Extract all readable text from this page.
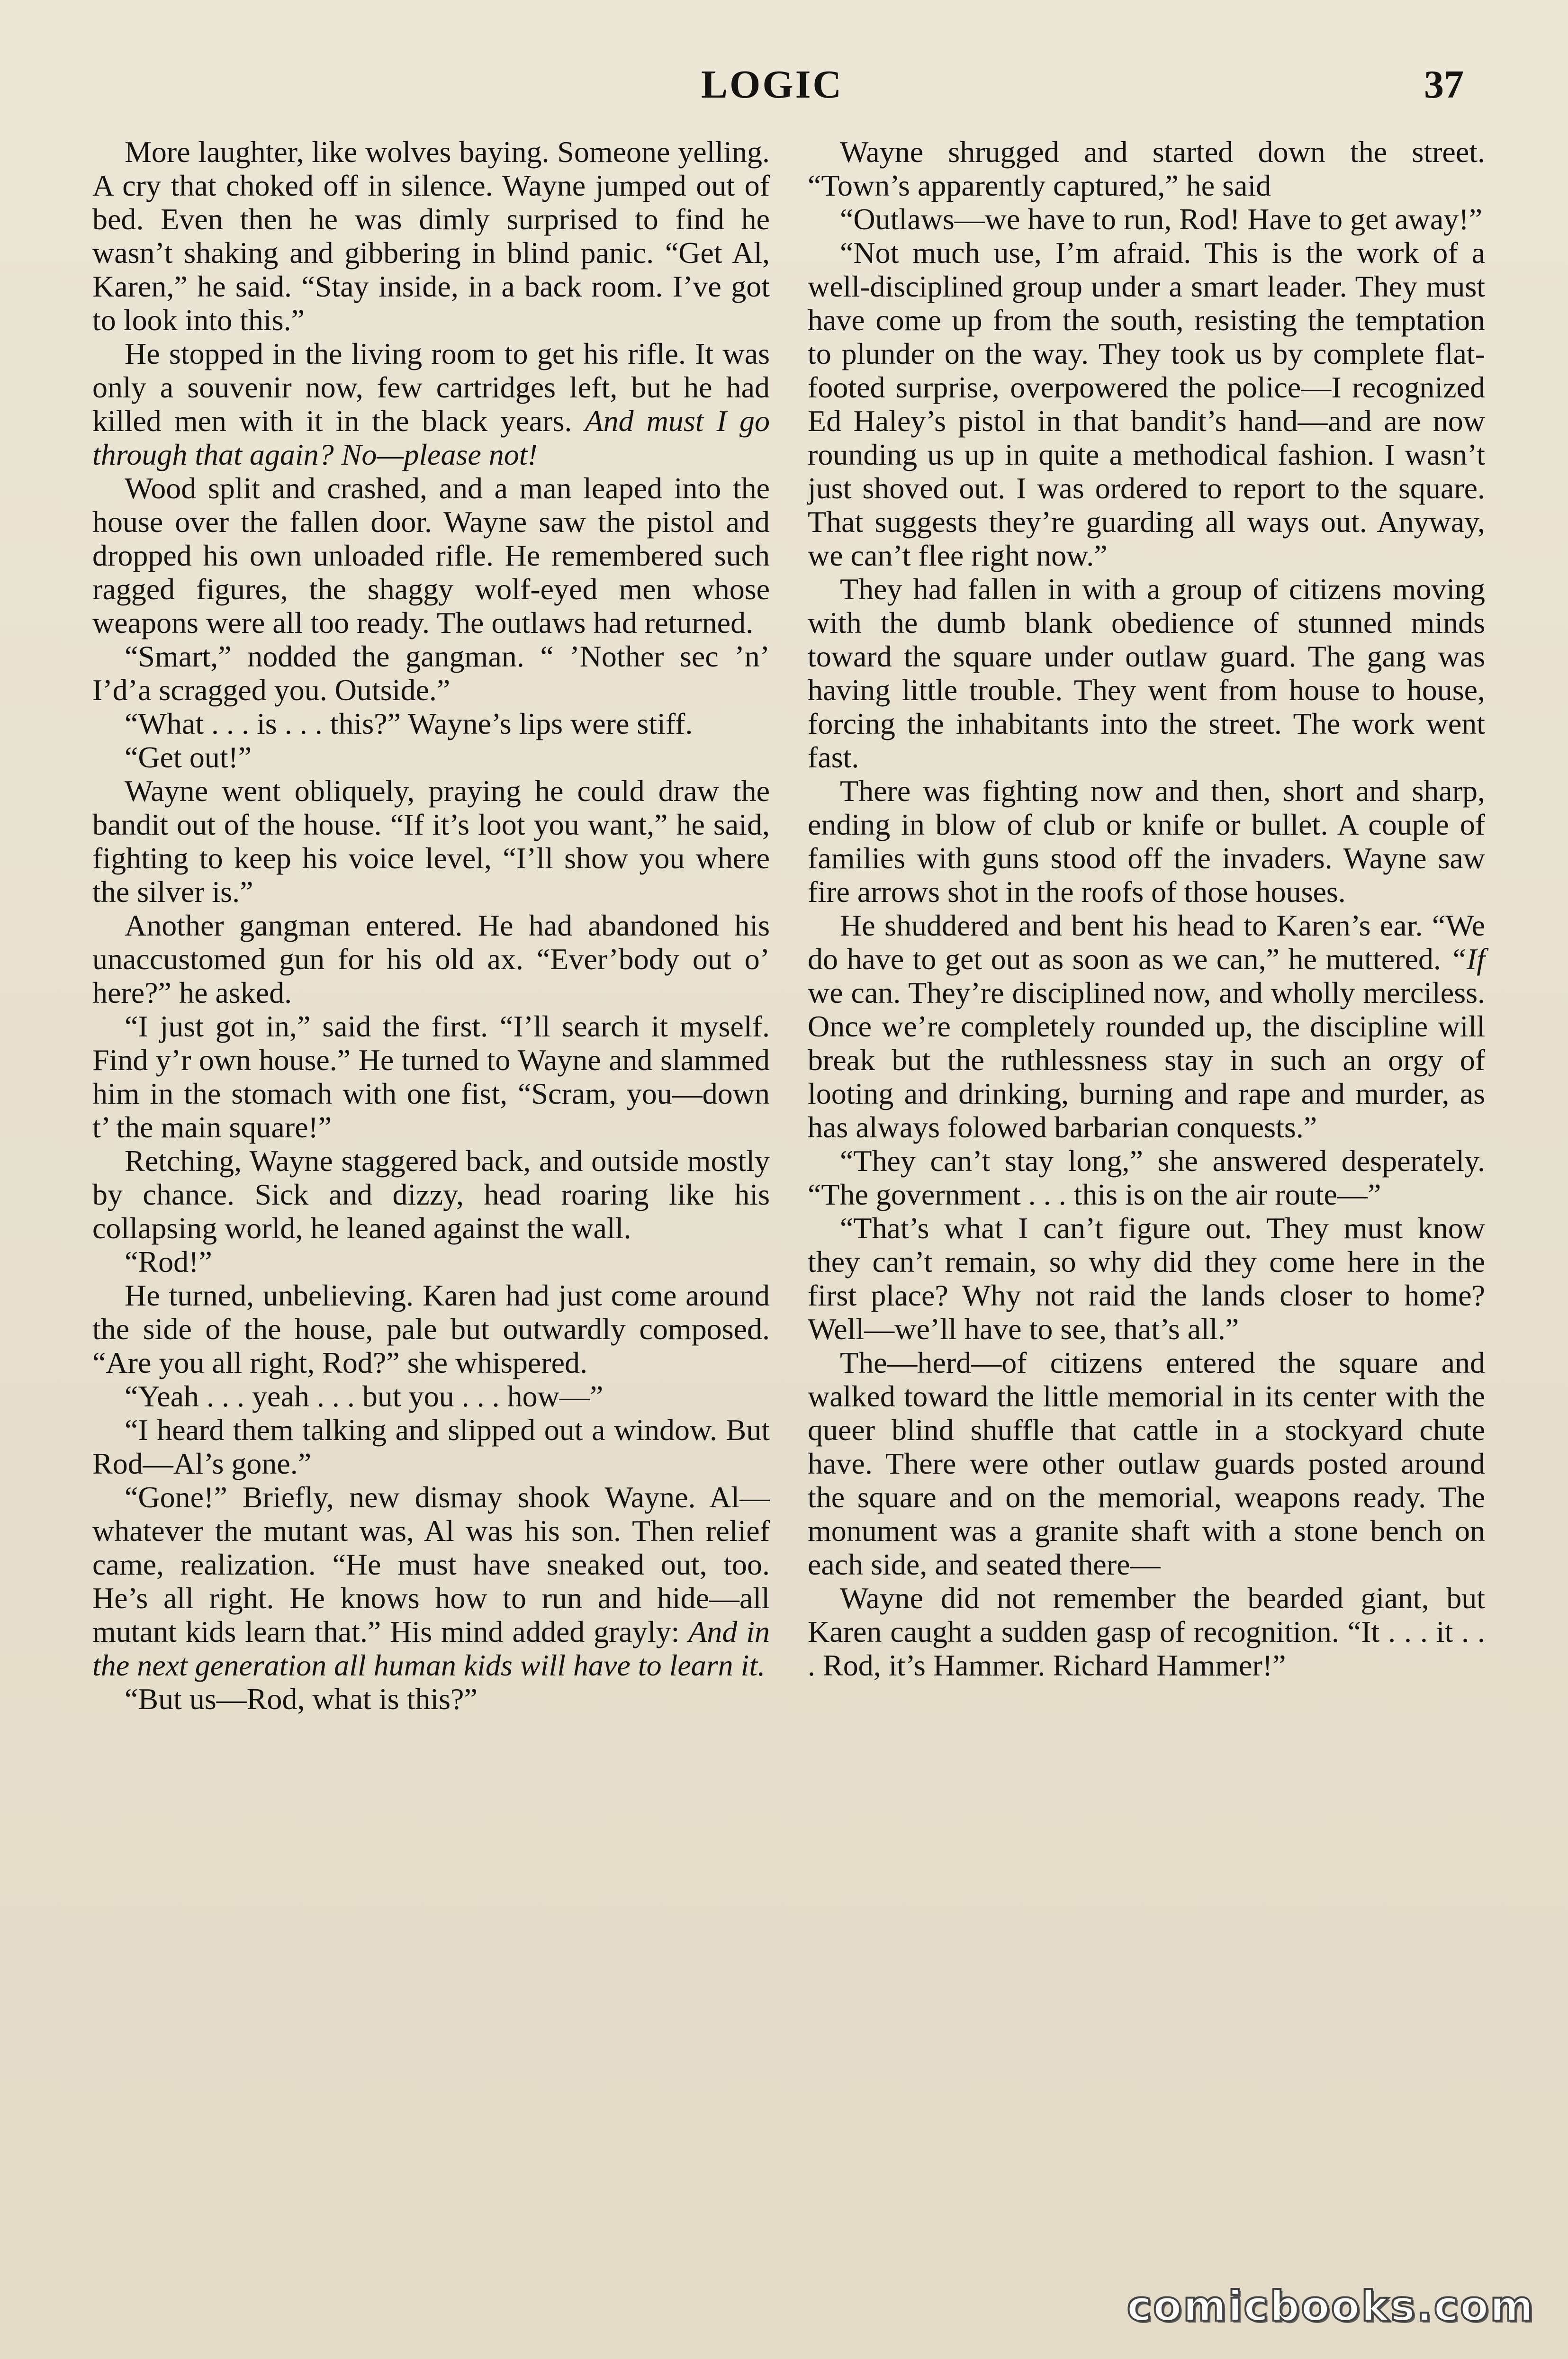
LOGIC	37

More laughter, like wolves baying. Someone yelling. A cry that choked off in silence. Wayne jumped out of bed. Even then he was dimly surprised to find he wasn’t shaking and gibbering in blind panic. “Get Al, Karen,” he said. “Stay inside, in a back room. I’ve got to look into this.”

He stopped in the living room to get his rifle. It was only a souvenir now, few cartridges left, but he had killed men with it in the black years. And must I go through that again? No—please not!

Wood split and crashed, and a man leaped into the house over the fallen door. Wayne saw the pistol and dropped his own unloaded rifle. He remembered such ragged figures, the shaggy wolf-eyed men whose weapons were all too ready. The outlaws had returned.

“Smart,” nodded the gangman. “ ’Nother sec ’n’ I’d’a scragged you. Outside.”

“What . . . is . . . this?” Wayne’s lips were stiff.

“Get out!”

Wayne went obliquely, praying he could draw the bandit out of the house. “If it’s loot you want,” he said, fighting to keep his voice level, “I’ll show you where the silver is.”

Another gangman entered. He had abandoned his unaccustomed gun for his old ax. “Ever’body out o’ here?” he asked.

“I just got in,” said the first. “I’ll search it myself. Find y’r own house.” He turned to Wayne and slammed him in the stomach with one fist, “Scram, you—down t’ the main square!”

Retching, Wayne staggered back, and outside mostly by chance. Sick and dizzy, head roaring like his collapsing world, he leaned against the wall.

“Rod!”

He turned, unbelieving. Karen had just come around the side of the house, pale but outwardly composed. “Are you all right, Rod?” she whispered.

“Yeah . . . yeah . . . but you . . . how—”

“I heard them talking and slipped out a window. But Rod—Al’s gone.”

“Gone!” Briefly, new dismay shook Wayne. Al—whatever the mutant was, Al was his son. Then relief came, realization. “He must have sneaked out, too. He’s all right. He knows how to run and hide—all mutant kids learn that.” His mind added grayly: And in the next generation all human kids will have to learn it.

“But us—Rod, what is this?”

Wayne shrugged and started down the street. “Town’s apparently captured,” he said

“Outlaws—we have to run, Rod! Have to get away!”

“Not much use, I’m afraid. This is the work of a well-disciplined group under a smart leader. They must have come up from the south, resisting the temptation to plunder on the way. They took us by complete flat-footed surprise, overpowered the police—I recognized Ed Haley’s pistol in that bandit’s hand—and are now rounding us up in quite a methodical fashion. I wasn’t just shoved out. I was ordered to report to the square. That suggests they’re guarding all ways out. Anyway, we can’t flee right now.”

They had fallen in with a group of citizens moving with the dumb blank obedience of stunned minds toward the square under outlaw guard. The gang was having little trouble. They went from house to house, forcing the inhabitants into the street. The work went fast.

There was fighting now and then, short and sharp, ending in blow of club or knife or bullet. A couple of families with guns stood off the invaders. Wayne saw fire arrows shot in the roofs of those houses.

He shuddered and bent his head to Karen’s ear. “We do have to get out as soon as we can,” he muttered. “If we can. They’re disciplined now, and wholly merciless. Once we’re completely rounded up, the discipline will break but the ruthlessness stay in such an orgy of looting and drinking, burning and rape and murder, as has always folowed barbarian conquests.”

“They can’t stay long,” she answered desperately. “The government . . . this is on the air route—”

“That’s what I can’t figure out. They must know they can’t remain, so why did they come here in the first place? Why not raid the lands closer to home? Well—we’ll have to see, that’s all.”

The—herd—of citizens entered the square and walked toward the little memorial in its center with the queer blind shuffle that cattle in a stockyard chute have. There were other outlaw guards posted around the square and on the memorial, weapons ready. The monument was a granite shaft with a stone bench on each side, and seated there—

Wayne did not remember the bearded giant, but Karen caught a sudden gasp of recognition. “It . . . it . . . Rod, it’s Hammer. Richard Hammer!”

comicbooks.com
